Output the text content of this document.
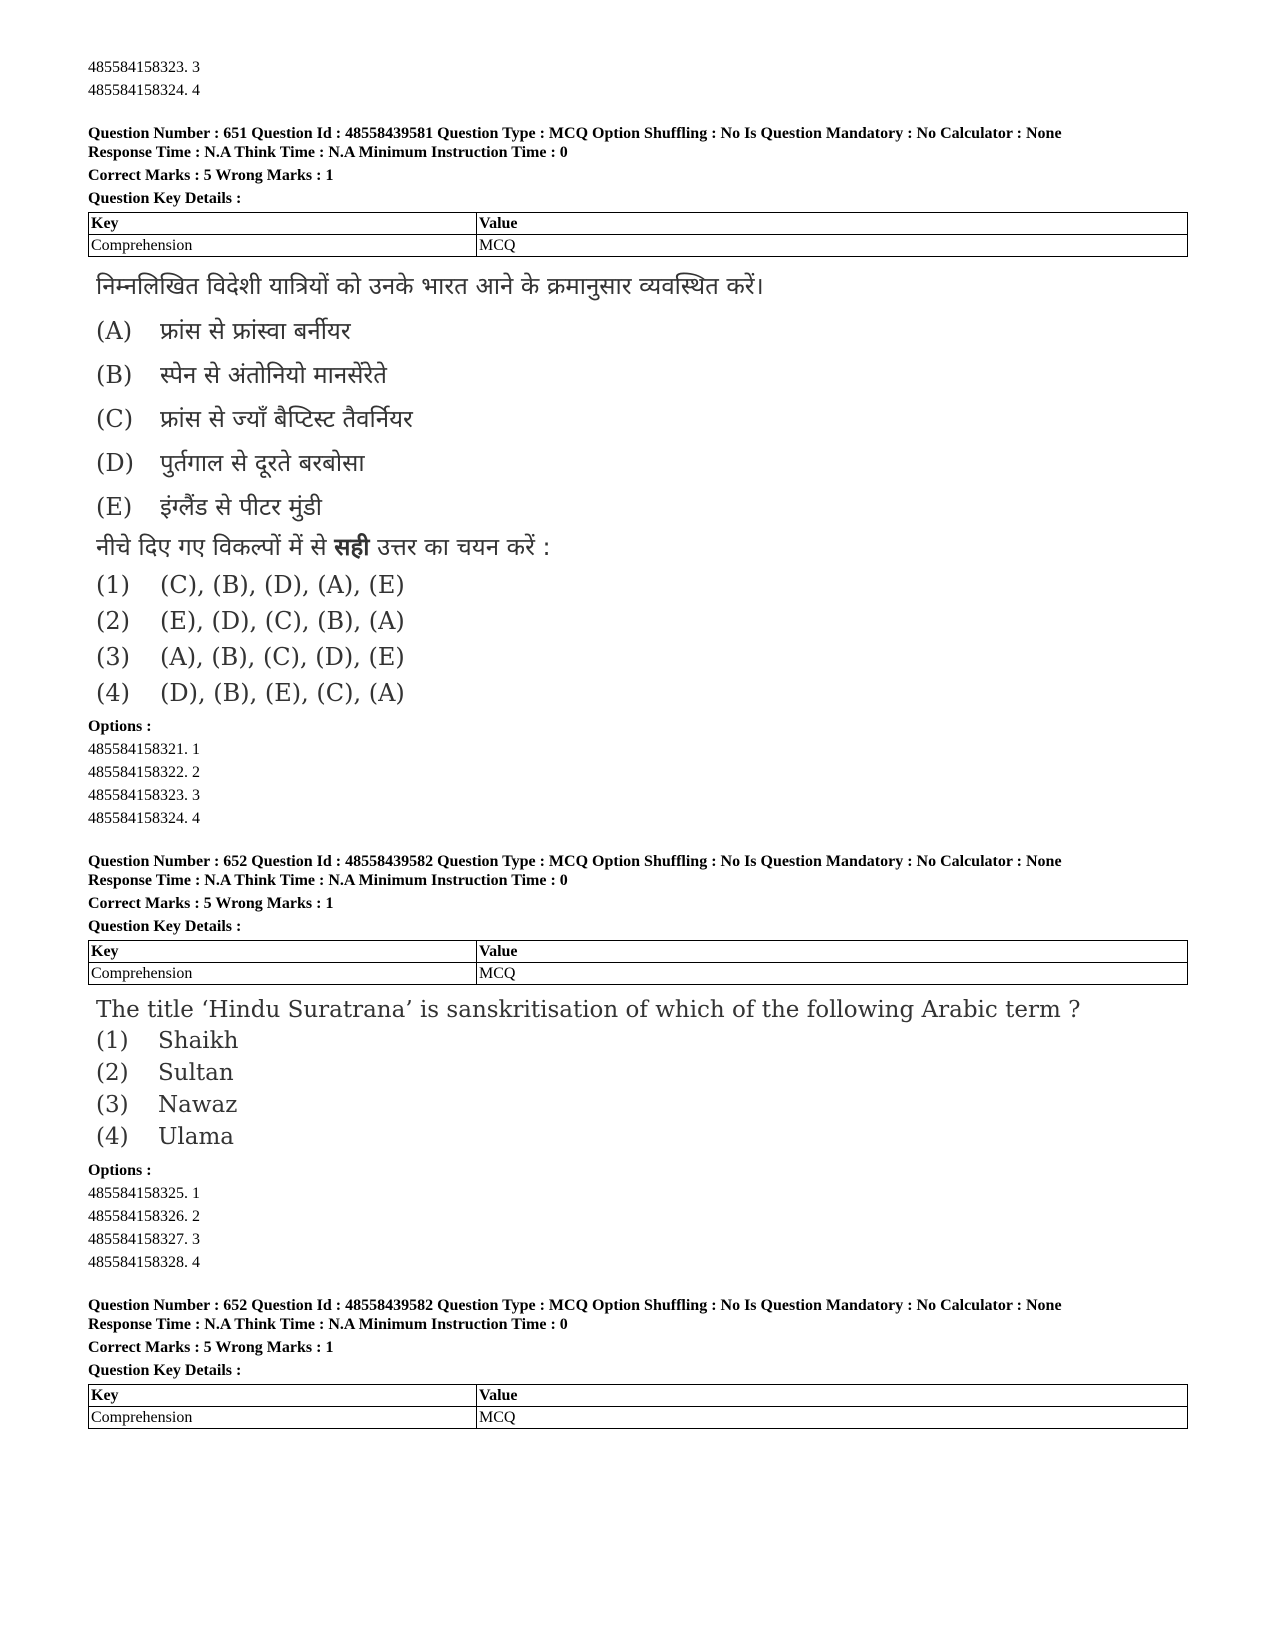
485584158323. 3

485584158324. 4

Question Number : 651 Question Id : 48558439581 Question Type : MCQ Option Shuffling : No Is Question Mandatory : No Calculator : None

Response Time : N.A Think Time : N.A Minimum Instruction Time : 0

Correct Marks : 5 Wrong Marks : 1

Question Key Details :

Key	Value
Comprehension	MCQ

निम्नलिखित विदेशी यात्रियों को उनके भारत आने के क्रमानुसार व्यवस्थित करें।

(A)	फ्रांस से फ्रांस्वा बर्नीयर
(B)	स्पेन से अंतोनियो मानसेंरेते
(C)	फ्रांस से ज्याँ बैप्टिस्ट तैवर्नियर
(D)	पुर्तगाल से दूरते बरबोसा
(E)	इंग्लैंड से पीटर मुंडी

नीचे दिए गए विकल्पों में से सही उत्तर का चयन करें :

(1)	(C), (B), (D), (A), (E)
(2)	(E), (D), (C), (B), (A)
(3)	(A), (B), (C), (D), (E)
(4)	(D), (B), (E), (C), (A)

Options :

485584158321. 1

485584158322. 2

485584158323. 3

485584158324. 4

Question Number : 652 Question Id : 48558439582 Question Type : MCQ Option Shuffling : No Is Question Mandatory : No Calculator : None

Response Time : N.A Think Time : N.A Minimum Instruction Time : 0

Correct Marks : 5 Wrong Marks : 1

Question Key Details :

Key	Value
Comprehension	MCQ

The title ‘Hindu Suratrana’ is sanskritisation of which of the following Arabic term ?

(1)	Shaikh
(2)	Sultan
(3)	Nawaz
(4)	Ulama

Options :

485584158325. 1

485584158326. 2

485584158327. 3

485584158328. 4

Question Number : 652 Question Id : 48558439582 Question Type : MCQ Option Shuffling : No Is Question Mandatory : No Calculator : None

Response Time : N.A Think Time : N.A Minimum Instruction Time : 0

Correct Marks : 5 Wrong Marks : 1

Question Key Details :

Key	Value
Comprehension	MCQ
